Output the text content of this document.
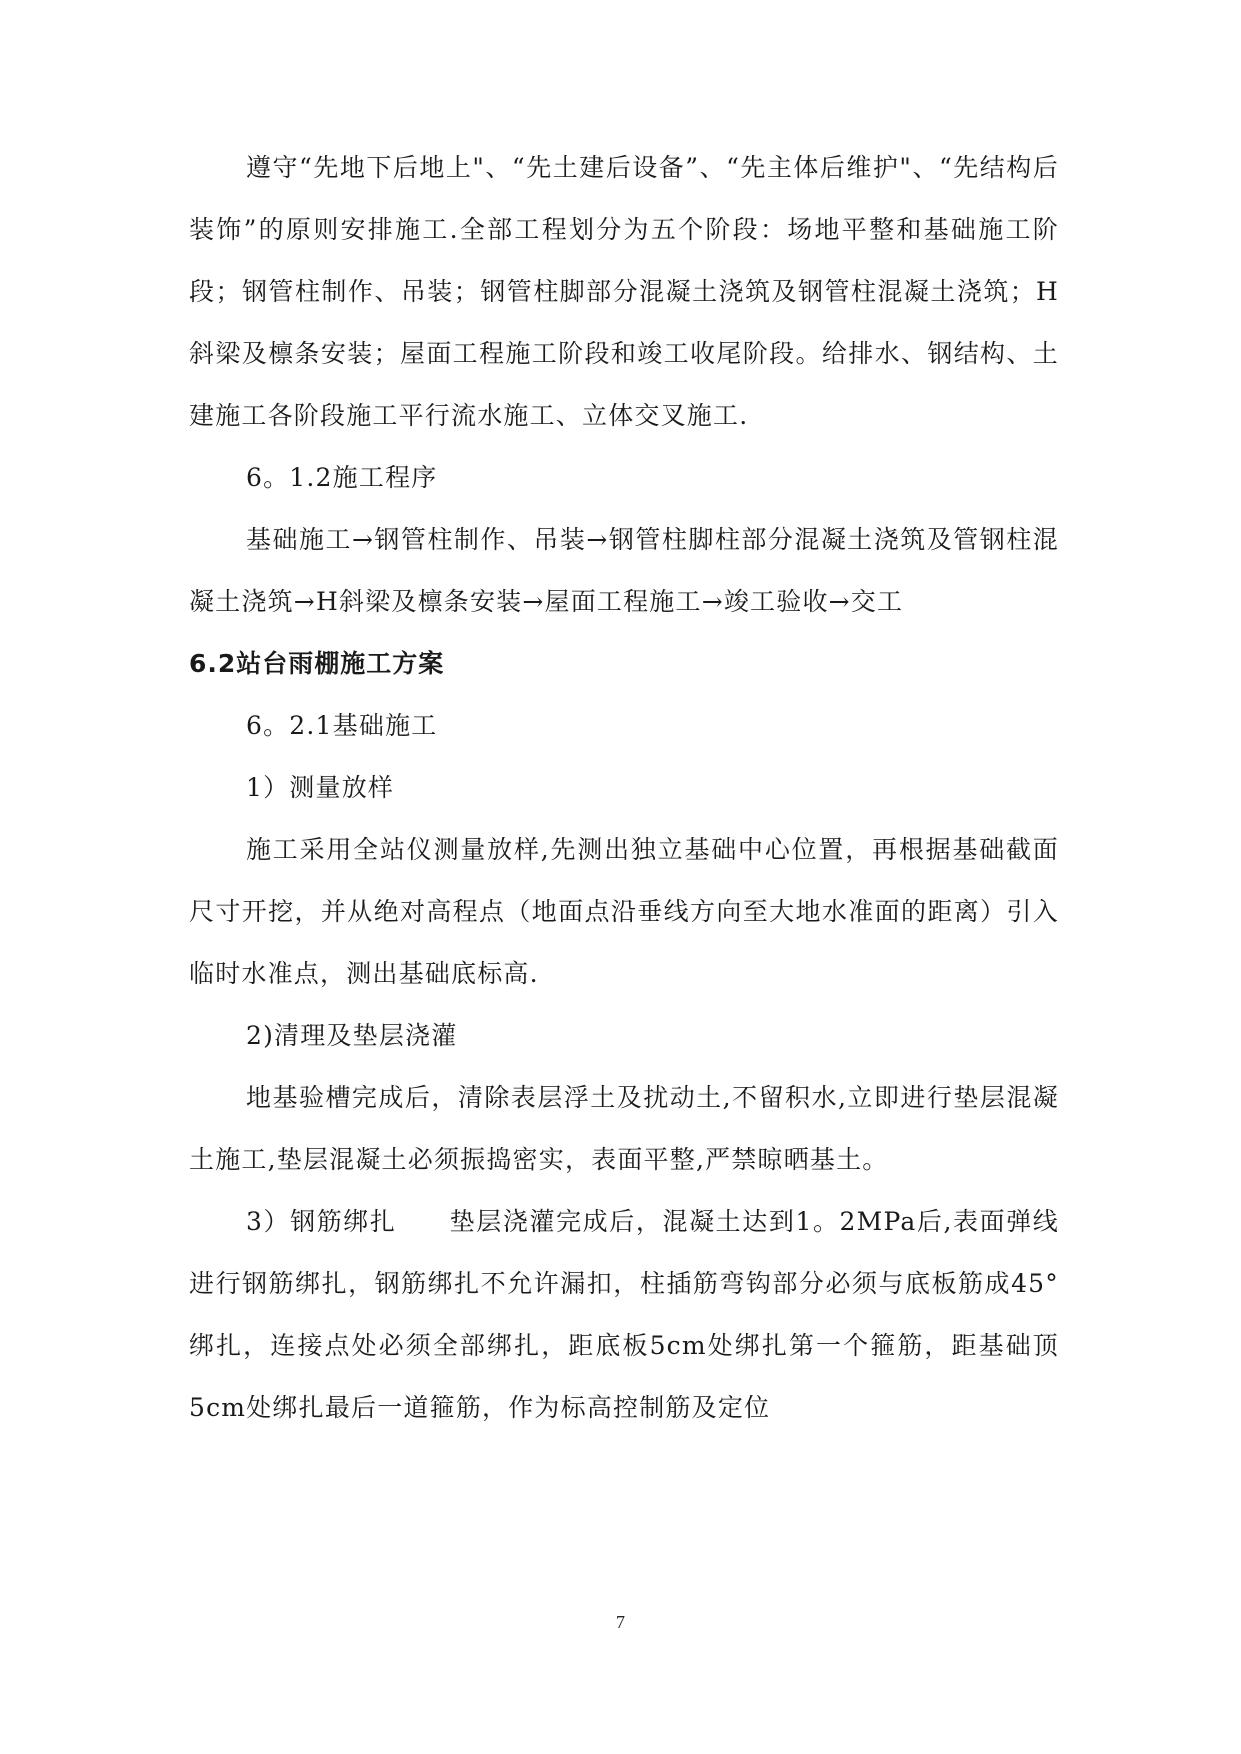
遵守“先地下后地上"、“先土建后设备”、“先主体后维护"、“先结构后装饰”的原则安排施工.全部工程划分为五个阶段：场地平整和基础施工阶段；钢管柱制作、吊装；钢管柱脚部分混凝土浇筑及钢管柱混凝土浇筑；H斜梁及檩条安装；屋面工程施工阶段和竣工收尾阶段。给排水、钢结构、土建施工各阶段施工平行流水施工、立体交叉施工.

6。1.2施工程序

基础施工→钢管柱制作、吊装→钢管柱脚柱部分混凝土浇筑及管钢柱混凝土浇筑→H斜梁及檩条安装→屋面工程施工→竣工验收→交工

6.2站台雨棚施工方案

6。2.1基础施工

1）测量放样

施工采用全站仪测量放样,先测出独立基础中心位置，再根据基础截面尺寸开挖，并从绝对高程点（地面点沿垂线方向至大地水准面的距离）引入临时水准点，测出基础底标高.

2)清理及垫层浇灌

地基验槽完成后，清除表层浮土及扰动土,不留积水,立即进行垫层混凝土施工,垫层混凝土必须振捣密实，表面平整,严禁晾晒基土。

3）钢筋绑扎　　垫层浇灌完成后，混凝土达到1。2MPa后,表面弹线进行钢筋绑扎，钢筋绑扎不允许漏扣，柱插筋弯钩部分必须与底板筋成45°绑扎，连接点处必须全部绑扎，距底板5cm处绑扎第一个箍筋，距基础顶5cm处绑扎最后一道箍筋，作为标高控制筋及定位

7
